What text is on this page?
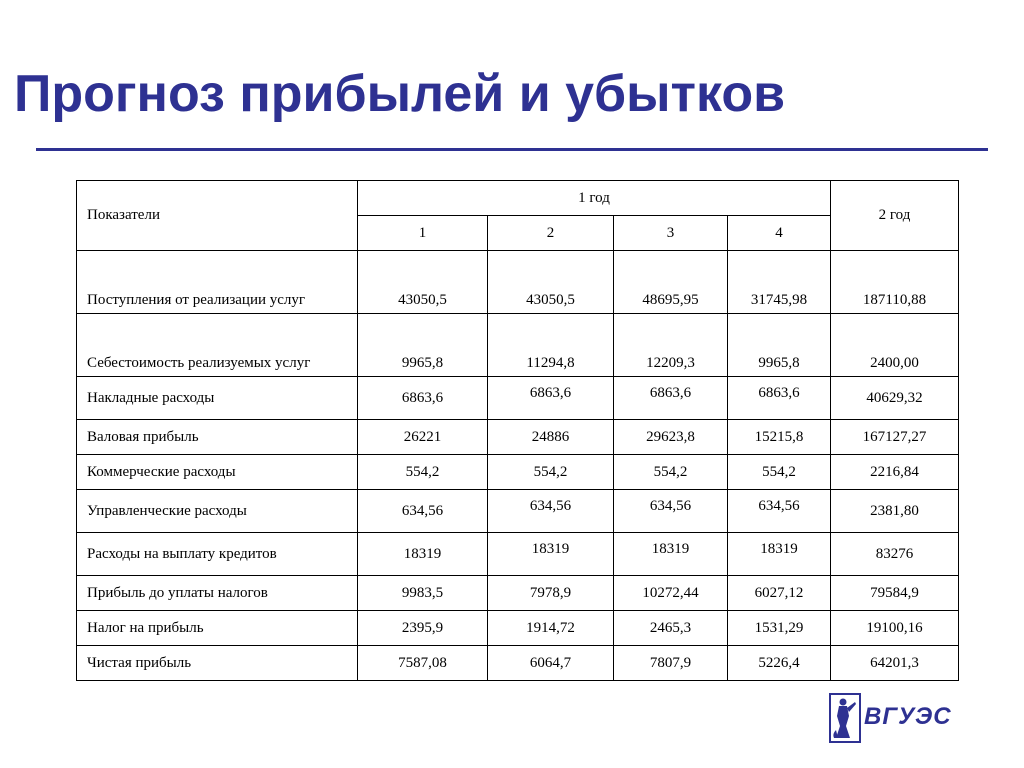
Прогноз прибылей и убытков
Показатели	1 год				2 год
	1	2	3	4	
Поступления от реализации услуг	43050,5	43050,5	48695,95	31745,98	187110,88
Себестоимость реализуемых услуг	9965,8	11294,8	12209,3	9965,8	2400,00
Накладные расходы	6863,6	6863,6	6863,6	6863,6	40629,32
Валовая прибыль	26221	24886	29623,8	15215,8	167127,27
Коммерческие расходы	554,2	554,2	554,2	554,2	2216,84
Управленческие расходы	634,56	634,56	634,56	634,56	2381,80
Расходы на выплату кредитов	18319	18319	18319	18319	83276
Прибыль до уплаты налогов	9983,5	7978,9	10272,44	6027,12	79584,9
Налог на прибыль	2395,9	1914,72	2465,3	1531,29	19100,16
Чистая прибыль	7587,08	6064,7	7807,9	5226,4	64201,3
ВГУЭС
